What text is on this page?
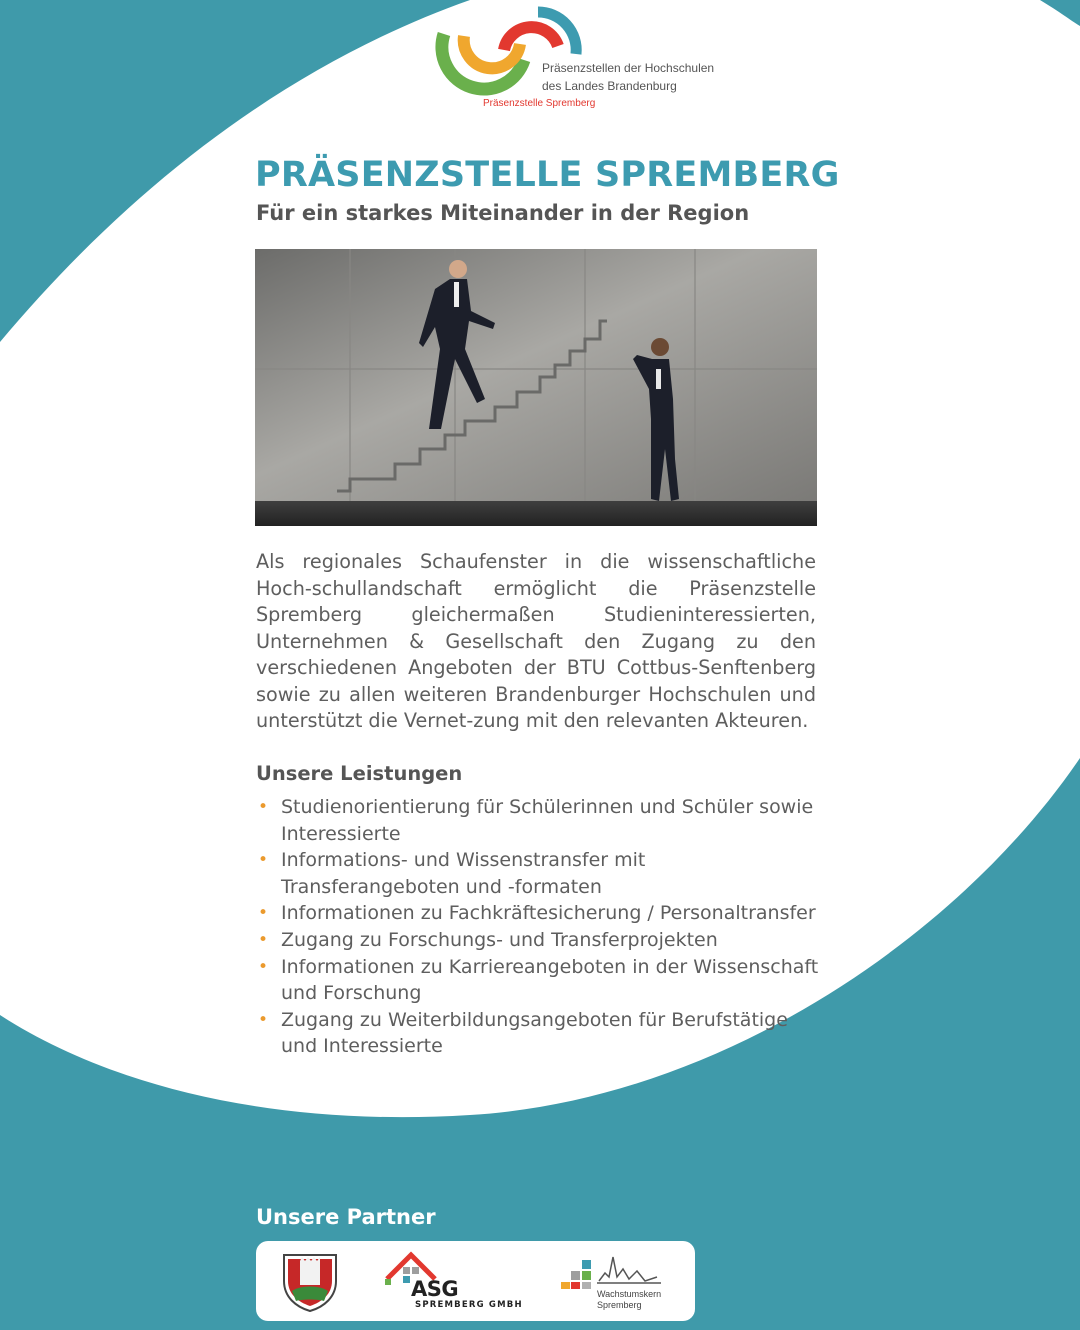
Präsenzstellen der Hochschulen
des Landes Brandenburg
Präsenzstelle Spremberg
PRÄSENZSTELLE SPREMBERG
Für ein starkes Miteinander in der Region

Als regionales Schaufenster in die wissenschaftliche Hoch-schullandschaft ermöglicht die Präsenzstelle Spremberg gleichermaßen Studieninteressierten, Unternehmen & Gesellschaft den Zugang zu den verschiedenen Angeboten der BTU Cottbus-Senftenberg sowie zu allen weiteren Brandenburger Hochschulen und unterstützt die Vernet-zung mit den relevanten Akteuren.

Unsere Leistungen
• Studienorientierung für Schülerinnen und Schüler sowie Interessierte
• Informations- und Wissenstransfer mit Transferangeboten und -formaten
• Informationen zu Fachkräftesicherung / Personaltransfer
• Zugang zu Forschungs- und Transferprojekten
• Informationen zu Karriereangeboten in der Wissenschaft und Forschung
• Zugang zu Weiterbildungsangeboten für Berufstätige und Interessierte
Unsere Partner
ASG
SPREMBERG GMBH
Wachstumskern
Spremberg
